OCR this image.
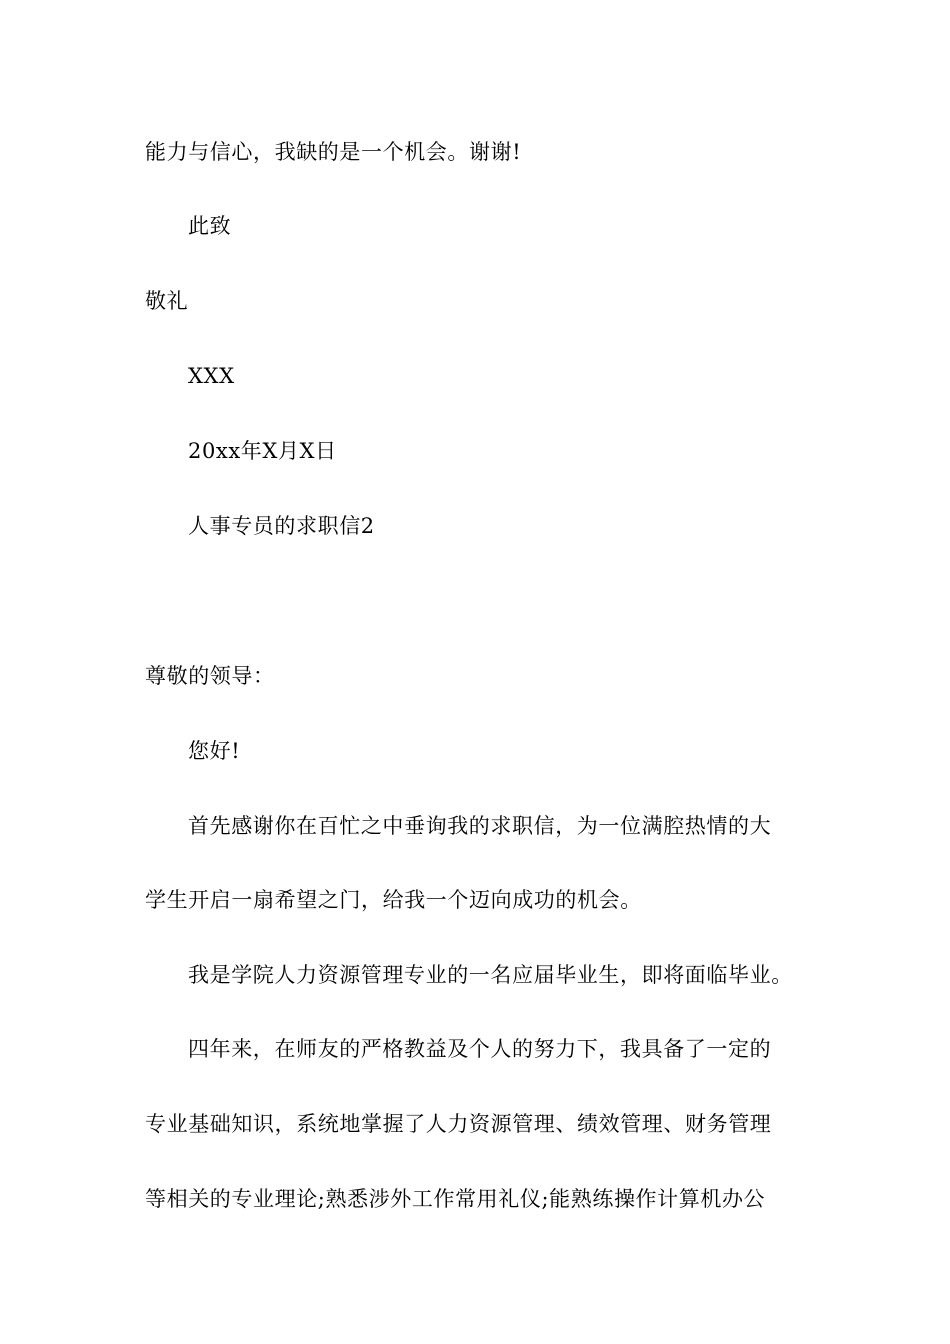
能力与信心，我缺的是一个机会。谢谢!
此致
敬礼
XXX
20xx年X月X日
人事专员的求职信2
尊敬的领导：
您好!
首先感谢你在百忙之中垂询我的求职信，为一位满腔热情的大
学生开启一扇希望之门，给我一个迈向成功的机会。
我是学院人力资源管理专业的一名应届毕业生，即将面临毕业。
四年来，在师友的严格教益及个人的努力下，我具备了一定的
专业基础知识，系统地掌握了人力资源管理、绩效管理、财务管理
等相关的专业理论;熟悉涉外工作常用礼仪;能熟练操作计算机办公
